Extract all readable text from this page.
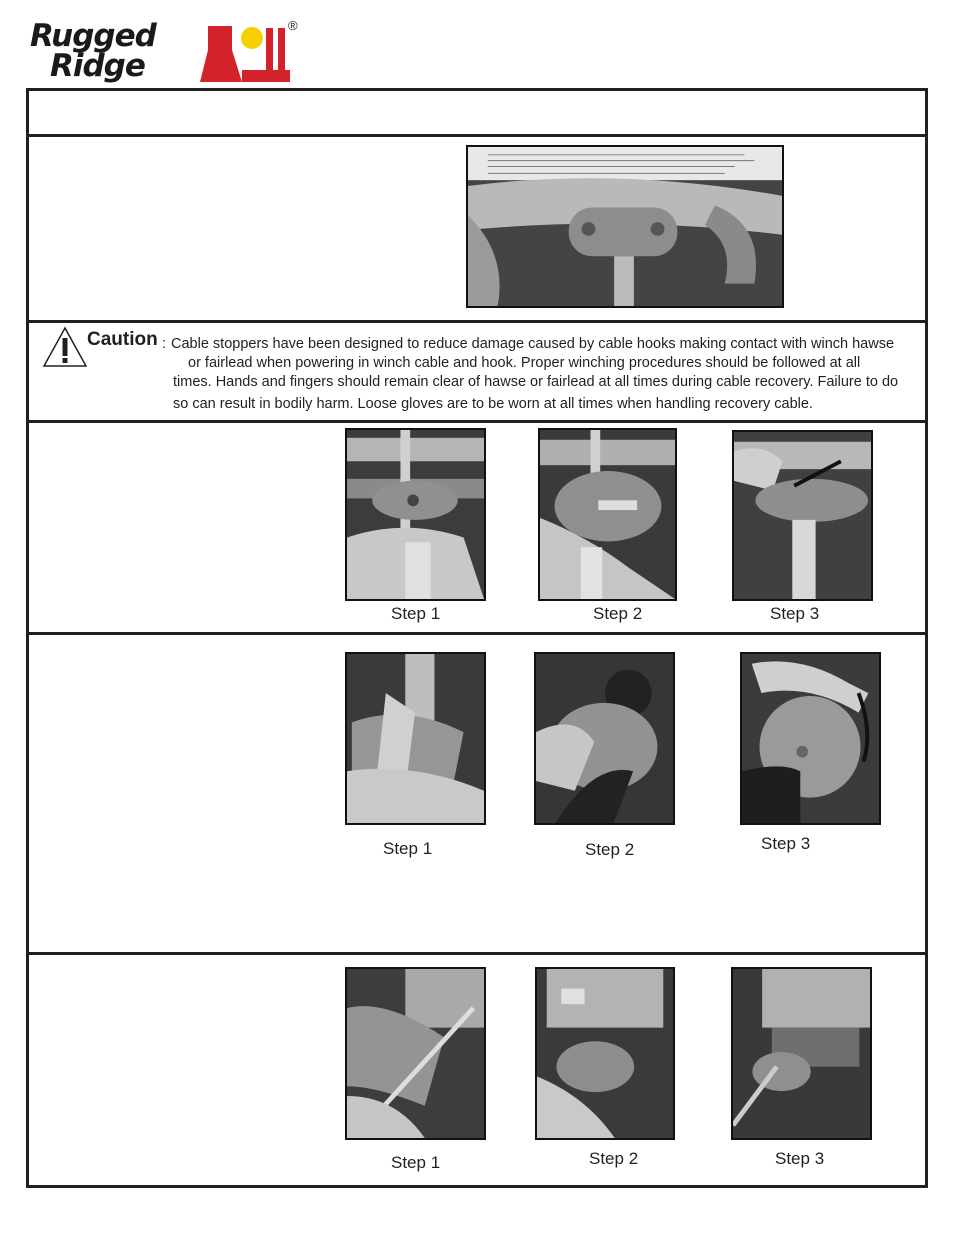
Rugged
Ridge
®
Caution : Cable stoppers have been designed to reduce damage caused by cable hooks making contact with winch hawse
or fairlead when powering in winch cable and hook. Proper winching procedures should be followed at all
times. Hands and fingers should remain clear of hawse or fairlead at all times during cable recovery. Failure to do
so can result in bodily harm. Loose gloves are to be worn at all times when handling recovery cable.
Step 1	Step 2	Step 3
Step 1	Step 2	Step 3
Step 1	Step 2	Step 3
